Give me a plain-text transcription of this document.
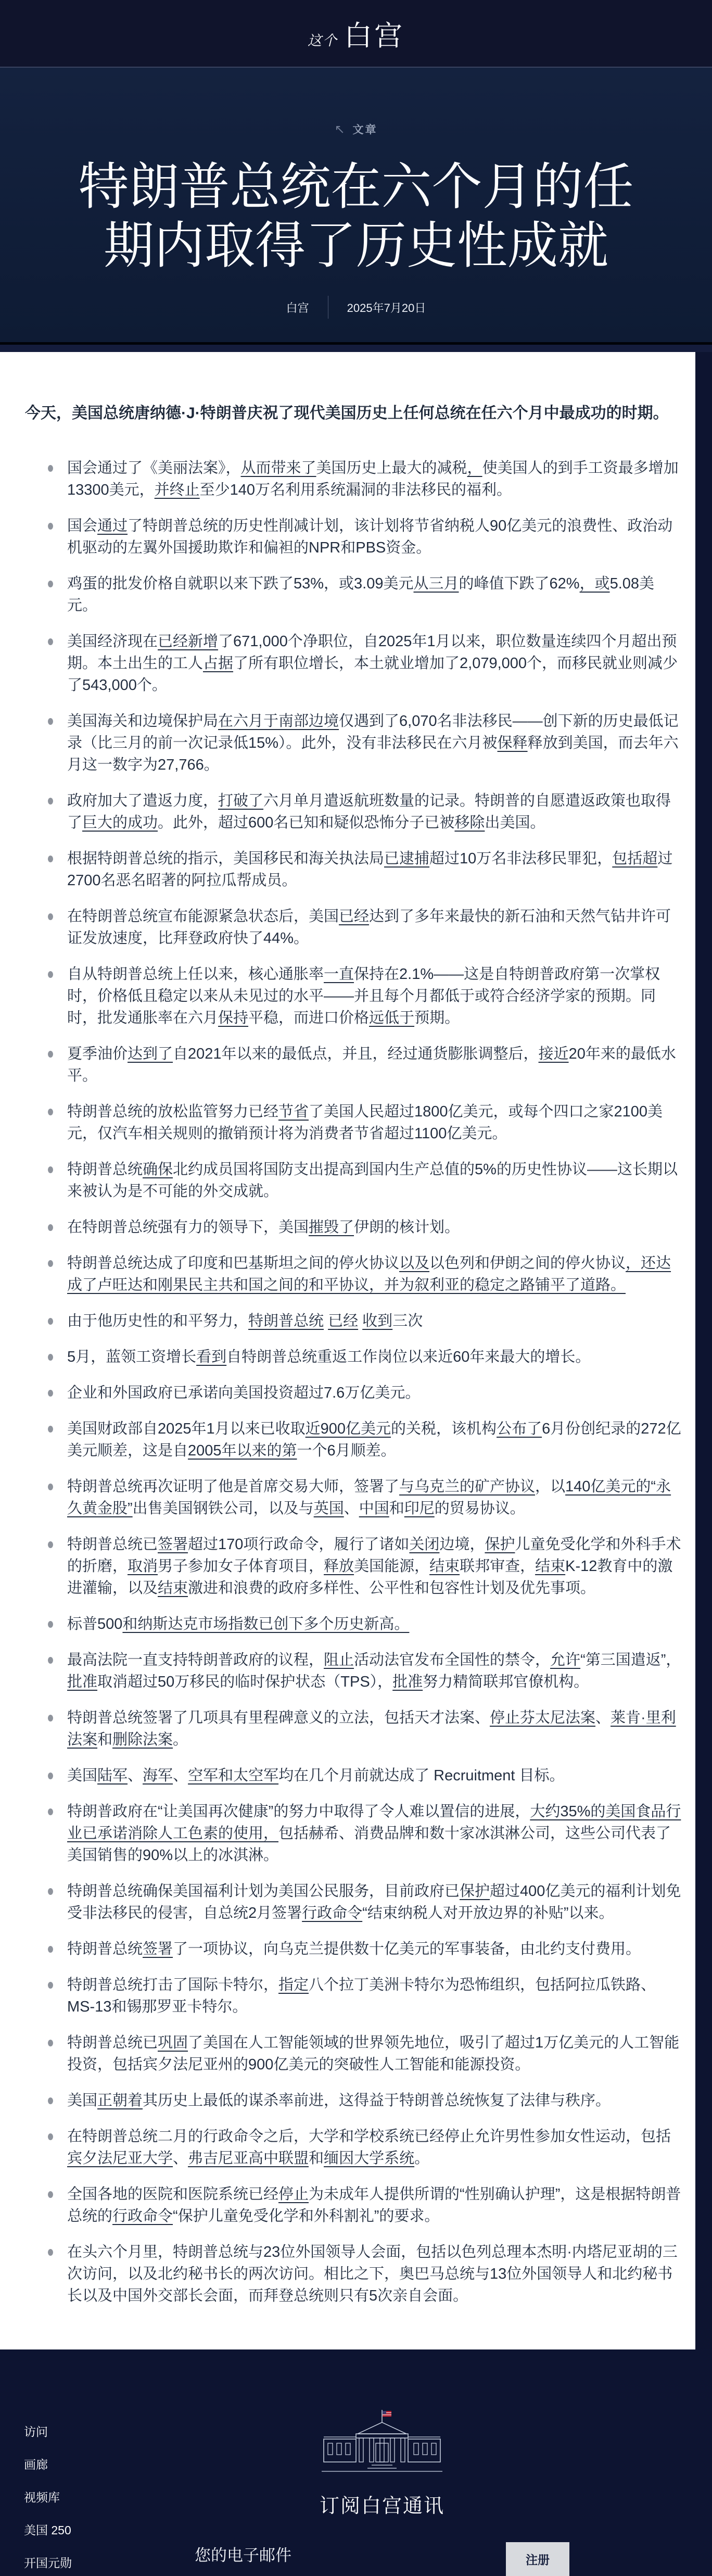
这个 白宫
↖ 文章
特朗普总统在六个月的任期内取得了历史性成就
白宫	2025年7月20日

今天，美国总统唐纳德·J·特朗普庆祝了现代美国历史上任何总统在任六个月中最成功的时期。

国会通过了《美丽法案》，从而带来了美国历史上最大的减税，使美国人的到手工资最多增加13300美元，并终止至少140万名利用系统漏洞的非法移民的福利。
国会通过了特朗普总统的历史性削减计划，该计划将节省纳税人90亿美元的浪费性、政治动机驱动的左翼外国援助欺诈和偏袒的NPR和PBS资金。
鸡蛋的批发价格自就职以来下跌了53%，或3.09美元从三月的峰值下跌了62%，或5.08美元。
美国经济现在已经新增了671,000个净职位，自2025年1月以来，职位数量连续四个月超出预期。本土出生的工人占据了所有职位增长，本土就业增加了2,079,000个，而移民就业则减少了543,000个。
美国海关和边境保护局在六月于南部边境仅遇到了6,070名非法移民——创下新的历史最低记录（比三月的前一次记录低15%）。此外，没有非法移民在六月被保释释放到美国，而去年六月这一数字为27,766。
政府加大了遣返力度，打破了六月单月遣返航班数量的记录。特朗普的自愿遣返政策也取得了巨大的成功。此外，超过600名已知和疑似恐怖分子已被移除出美国。
根据特朗普总统的指示，美国移民和海关执法局已逮捕超过10万名非法移民罪犯，包括超过2700名恶名昭著的阿拉瓜帮成员。
在特朗普总统宣布能源紧急状态后，美国已经达到了多年来最快的新石油和天然气钻井许可证发放速度，比拜登政府快了44%。
自从特朗普总统上任以来，核心通胀率一直保持在2.1%——这是自特朗普政府第一次掌权时，价格低且稳定以来从未见过的水平——并且每个月都低于或符合经济学家的预期。同时，批发通胀率在六月保持平稳，而进口价格远低于预期。
夏季油价达到了自2021年以来的最低点，并且，经过通货膨胀调整后，接近20年来的最低水平。
特朗普总统的放松监管努力已经节省了美国人民超过1800亿美元，或每个四口之家2100美元，仅汽车相关规则的撤销预计将为消费者节省超过1100亿美元。
特朗普总统确保北约成员国将国防支出提高到国内生产总值的5%的历史性协议——这长期以来被认为是不可能的外交成就。
在特朗普总统强有力的领导下，美国摧毁了伊朗的核计划。
特朗普总统达成了印度和巴基斯坦之间的停火协议以及以色列和伊朗之间的停火协议，还达成了卢旺达和刚果民主共和国之间的和平协议，并为叙利亚的稳定之路铺平了道路。
由于他历史性的和平努力，特朗普总统 已经 收到三次
5月，蓝领工资增长看到自特朗普总统重返工作岗位以来近60年来最大的增长。
企业和外国政府已承诺向美国投资超过7.6万亿美元。
美国财政部自2025年1月以来已收取近900亿美元的关税，该机构公布了6月份创纪录的272亿美元顺差，这是自2005年以来的第一个6月顺差。
特朗普总统再次证明了他是首席交易大师，签署了与乌克兰的矿产协议，以140亿美元的“永久黄金股”出售美国钢铁公司，以及与英国、中国和印尼的贸易协议。
特朗普总统已签署超过170项行政命令，履行了诸如关闭边境，保护儿童免受化学和外科手术的折磨，取消男子参加女子体育项目，释放美国能源，结束联邦审查，结束K-12教育中的激进灌输，以及结束激进和浪费的政府多样性、公平性和包容性计划及优先事项。
标普500和纳斯达克市场指数已创下多个历史新高。
最高法院一直支持特朗普政府的议程，阻止活动法官发布全国性的禁令，允许“第三国遣返”，批准取消超过50万移民的临时保护状态（TPS），批准努力精简联邦官僚机构。
特朗普总统签署了几项具有里程碑意义的立法，包括天才法案、停止芬太尼法案、莱肯·里利法案和删除法案。
美国陆军、海军、空军和太空军均在几个月前就达成了 Recruitment 目标。
特朗普政府在“让美国再次健康”的努力中取得了令人难以置信的进展，大约35%的美国食品行业已承诺消除人工色素的使用，包括赫希、消费品牌和数十家冰淇淋公司，这些公司代表了美国销售的90%以上的冰淇淋。
特朗普总统确保美国福利计划为美国公民服务，目前政府已保护超过400亿美元的福利计划免受非法移民的侵害，自总统2月签署行政命令“结束纳税人对开放边界的补贴”以来。
特朗普总统签署了一项协议，向乌克兰提供数十亿美元的军事装备，由北约支付费用。
特朗普总统打击了国际卡特尔，指定八个拉丁美洲卡特尔为恐怖组织，包括阿拉瓜铁路、MS-13和锡那罗亚卡特尔。
特朗普总统已巩固了美国在人工智能领域的世界领先地位，吸引了超过1万亿美元的人工智能投资，包括宾夕法尼亚州的900亿美元的突破性人工智能和能源投资。
美国正朝着其历史上最低的谋杀率前进，这得益于特朗普总统恢复了法律与秩序。
在特朗普总统二月的行政命令之后，大学和学校系统已经停止允许男性参加女性运动，包括宾夕法尼亚大学、弗吉尼亚高中联盟和缅因大学系统。
全国各地的医院和医院系统已经停止为未成年人提供所谓的“性别确认护理”，这是根据特朗普总统的行政命令“保护儿童免受化学和外科割礼”的要求。
在头六个月里，特朗普总统与23位外国领导人会面，包括以色列总理本杰明·内塔尼亚胡的三次访问，以及北约秘书长的两次访问。相比之下，奥巴马总统与13位外国领导人和北约秘书长以及中国外交部长会面，而拜登总统则只有5次亲自会面。
访问
画廊
视频库
美国 250
开国元勋
订阅白宫通讯
您的电子邮件
注册
